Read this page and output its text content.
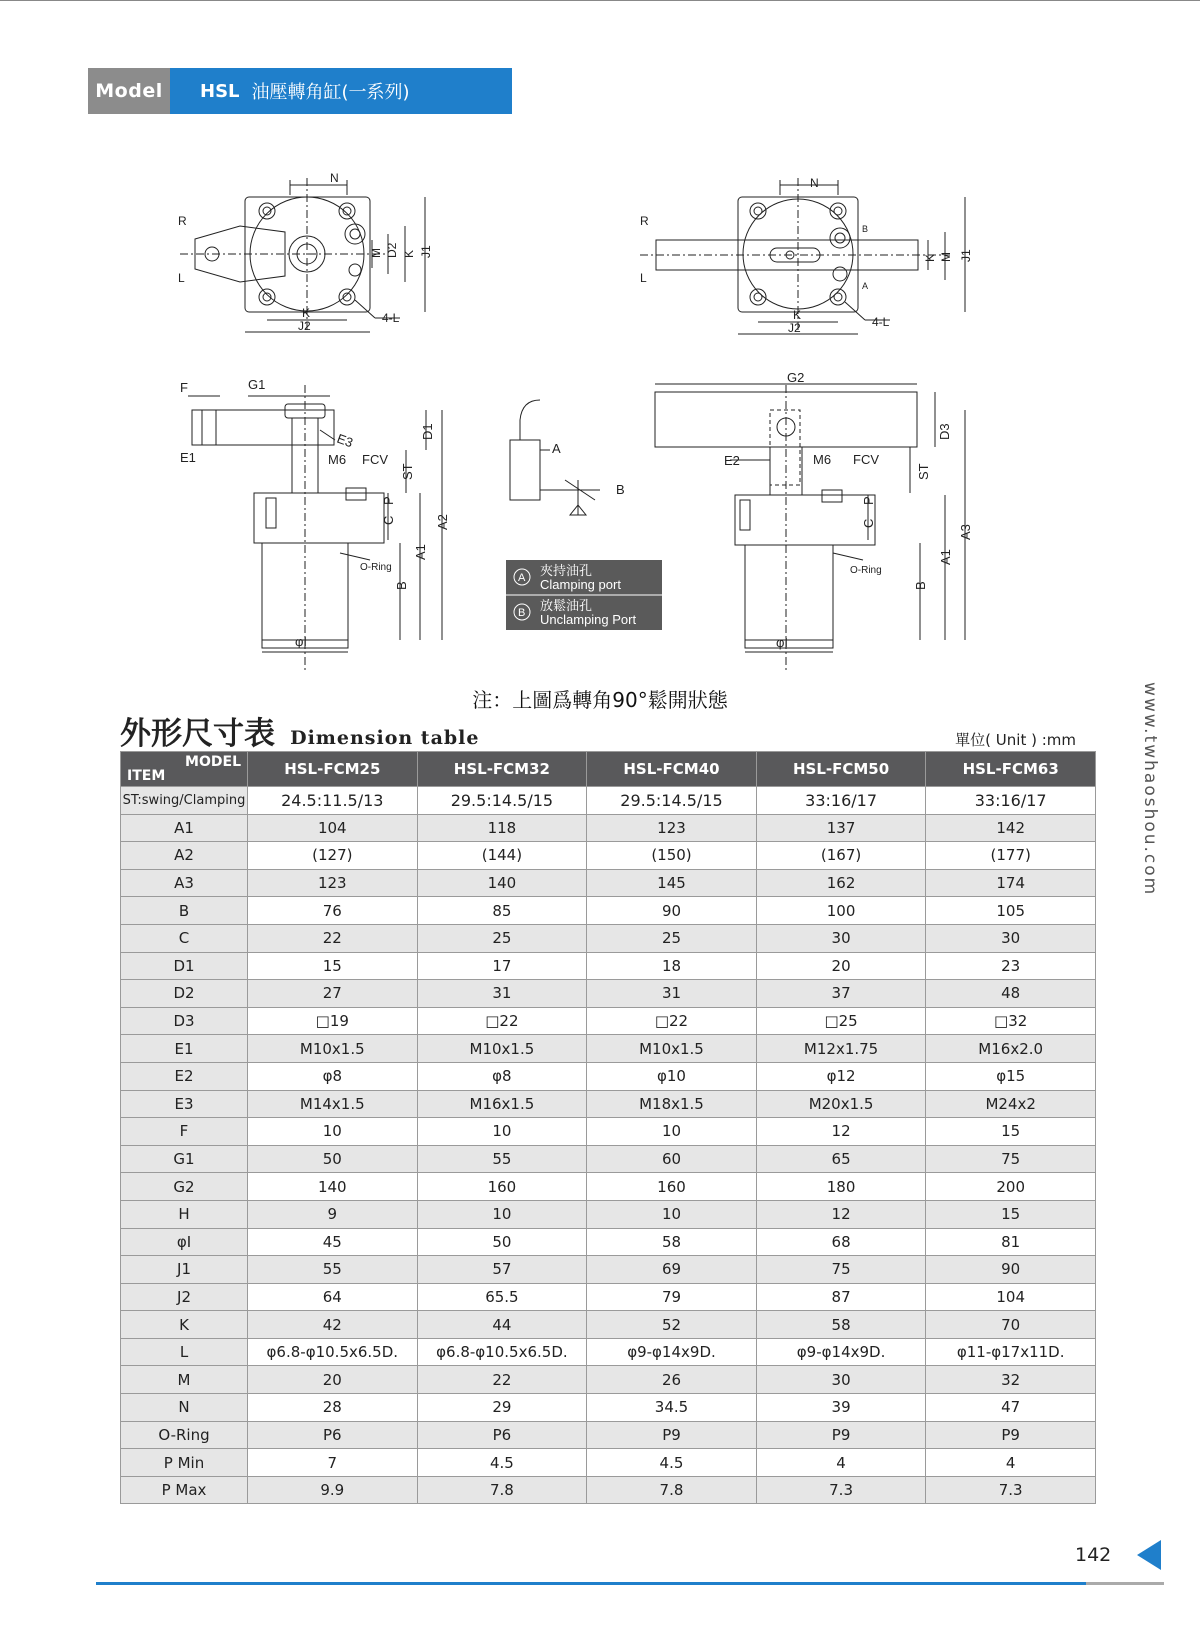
Model	HSL 油壓轉角缸(一系列)
N
R
L
K
J2
4-L
M D2 K J1
N
R
L
K
J2	4-L
B
A
K M J1
F	G1
E1
E3
M6 FCV
D1
ST
C
P
A1
A2
B
O-Ring
φI
A
B
A
B
夾持油孔
Clamping port
放鬆油孔
Unclamping Port
G2
E2	M6 FCV
D3
ST
C
P
A1
A3
B
O-Ring
φI
注：上圖爲轉角90°鬆開狀態
外形尺寸表 Dimension table	單位( Unit ) :mm
MODEL
ITEM	HSL-FCM25	HSL-FCM32	HSL-FCM40	HSL-FCM50	HSL-FCM63
ST:swing/Clamping	24.5:11.5/13	29.5:14.5/15	29.5:14.5/15	33:16/17	33:16/17
A1	104	118	123	137	142
A2	(127)	(144)	(150)	(167)	(177)
A3	123	140	145	162	174
B	76	85	90	100	105
C	22	25	25	30	30
D1	15	17	18	20	23
D2	27	31	31	37	48
D3	□19	□22	□22	□25	□32
E1	M10x1.5	M10x1.5	M10x1.5	M12x1.75	M16x2.0
E2	φ8	φ8	φ10	φ12	φ15
E3	M14x1.5	M16x1.5	M18x1.5	M20x1.5	M24x2
F	10	10	10	12	15
G1	50	55	60	65	75
G2	140	160	160	180	200
H	9	10	10	12	15
φI	45	50	58	68	81
J1	55	57	69	75	90
J2	64	65.5	79	87	104
K	42	44	52	58	70
L	φ6.8-φ10.5x6.5D.	φ6.8-φ10.5x6.5D.	φ9-φ14x9D.	φ9-φ14x9D.	φ11-φ17x11D.
M	20	22	26	30	32
N	28	29	34.5	39	47
O-Ring	P6	P6	P9	P9	P9
P Min	7	4.5	4.5	4	4
P Max	9.9	7.8	7.8	7.3	7.3
www.twhaoshou.com
142
